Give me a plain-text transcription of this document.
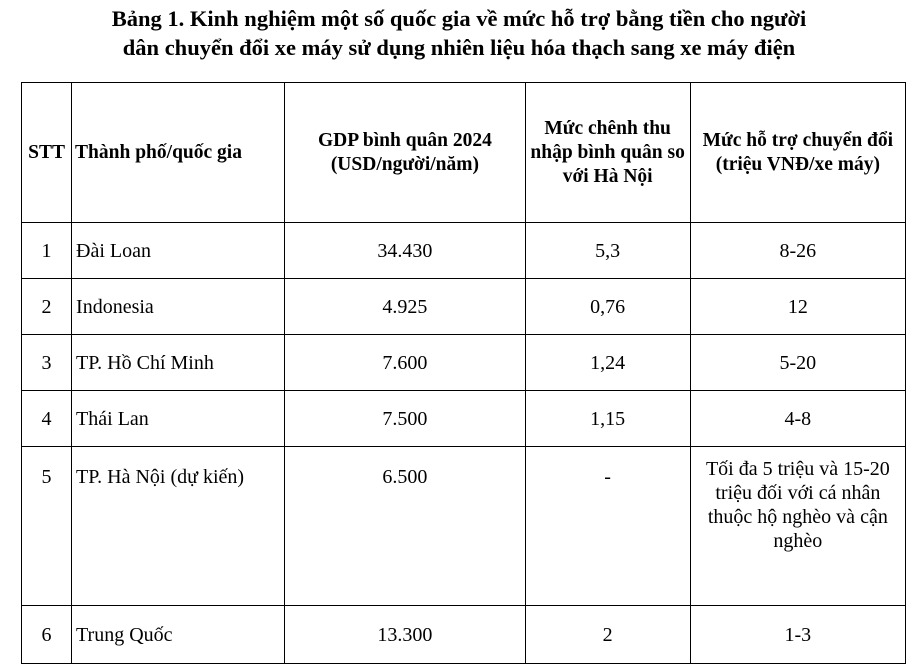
Bảng 1. Kinh nghiệm một số quốc gia về mức hỗ trợ bằng tiền cho người
dân chuyển đổi xe máy sử dụng nhiên liệu hóa thạch sang xe máy điện
STT	Thành phố/quốc gia	GDP bình quân 2024 (USD/người/năm)	Mức chênh thu nhập bình quân so với Hà Nội	Mức hỗ trợ chuyển đổi (triệu VNĐ/xe máy)
1	Đài Loan	34.430	5,3	8-26
2	Indonesia	4.925	0,76	12
3	TP. Hồ Chí Minh	7.600	1,24	5-20
4	Thái Lan	7.500	1,15	4-8
5	TP. Hà Nội (dự kiến)	6.500	-	Tối đa 5 triệu và 15-20 triệu đối với cá nhân thuộc hộ nghèo và cận nghèo
6	Trung Quốc	13.300	2	1-3
